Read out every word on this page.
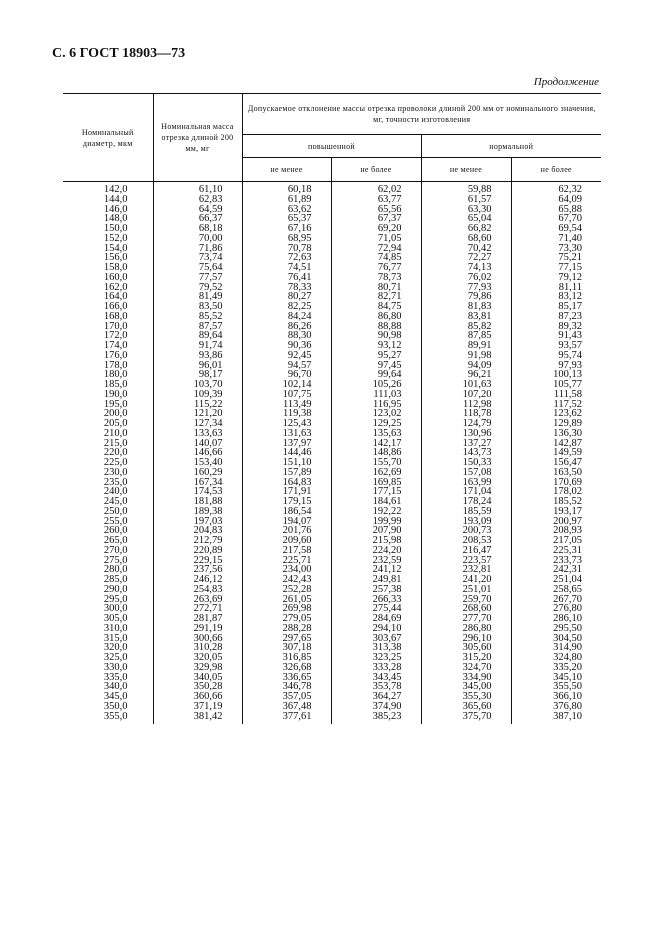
С. 6 ГОСТ 18903—73
Продолжение
Номинальный диаметр, мкм	Номинальная масса отрезка длиной 200 мм, мг	Допускаемое отклонение массы отрезка проволоки длиной 200 мм от номинального значения, мг, точности изготовления			
		повышенной		нормальной	
		не менее	не более	не менее	не более
142,0	61,10	60,18	62,02	59,88	62,32
144,0	62,83	61,89	63,77	61,57	64,09
146,0	64,59	63,62	65,56	63,30	65,88
148,0	66,37	65,37	67,37	65,04	67,70
150,0	68,18	67,16	69,20	66,82	69,54
152,0	70,00	68,95	71,05	68,60	71,40
154,0	71,86	70,78	72,94	70,42	73,30
156,0	73,74	72,63	74,85	72,27	75,21
158,0	75,64	74,51	76,77	74,13	77,15
160,0	77,57	76,41	78,73	76,02	79,12
162,0	79,52	78,33	80,71	77,93	81,11
164,0	81,49	80,27	82,71	79,86	83,12
166,0	83,50	82,25	84,75	81,83	85,17
168,0	85,52	84,24	86,80	83,81	87,23
170,0	87,57	86,26	88,88	85,82	89,32
172,0	89,64	88,30	90,98	87,85	91,43
174,0	91,74	90,36	93,12	89,91	93,57
176,0	93,86	92,45	95,27	91,98	95,74
178,0	96,01	94,57	97,45	94,09	97,93
180,0	98,17	96,70	99,64	96,21	100,13
185,0	103,70	102,14	105,26	101,63	105,77
190,0	109,39	107,75	111,03	107,20	111,58
195,0	115,22	113,49	116,95	112,98	117,52
200,0	121,20	119,38	123,02	118,78	123,62
205,0	127,34	125,43	129,25	124,79	129,89
210,0	133,63	131,63	135,63	130,96	136,30
215,0	140,07	137,97	142,17	137,27	142,87
220,0	146,66	144,46	148,86	143,73	149,59
225,0	153,40	151,10	155,70	150,33	156,47
230,0	160,29	157,89	162,69	157,08	163,50
235,0	167,34	164,83	169,85	163,99	170,69
240,0	174,53	171,91	177,15	171,04	178,02
245,0	181,88	179,15	184,61	178,24	185,52
250,0	189,38	186,54	192,22	185,59	193,17
255,0	197,03	194,07	199,99	193,09	200,97
260,0	204,83	201,76	207,90	200,73	208,93
265,0	212,79	209,60	215,98	208,53	217,05
270,0	220,89	217,58	224,20	216,47	225,31
275,0	229,15	225,71	232,59	223,57	233,73
280,0	237,56	234,00	241,12	232,81	242,31
285,0	246,12	242,43	249,81	241,20	251,04
290,0	254,83	252,28	257,38	251,01	258,65
295,0	263,69	261,05	266,33	259,70	267,70
300,0	272,71	269,98	275,44	268,60	276,80
305,0	281,87	279,05	284,69	277,70	286,10
310,0	291,19	288,28	294,10	286,80	295,50
315,0	300,66	297,65	303,67	296,10	304,50
320,0	310,28	307,18	313,38	305,60	314,90
325,0	320,05	316,85	323,25	315,20	324,80
330,0	329,98	326,68	333,28	324,70	335,20
335,0	340,05	336,65	343,45	334,90	345,10
340,0	350,28	346,78	353,78	345,00	355,50
345,0	360,66	357,05	364,27	355,30	366,10
350,0	371,19	367,48	374,90	365,60	376,80
355,0	381,42	377,61	385,23	375,70	387,10
